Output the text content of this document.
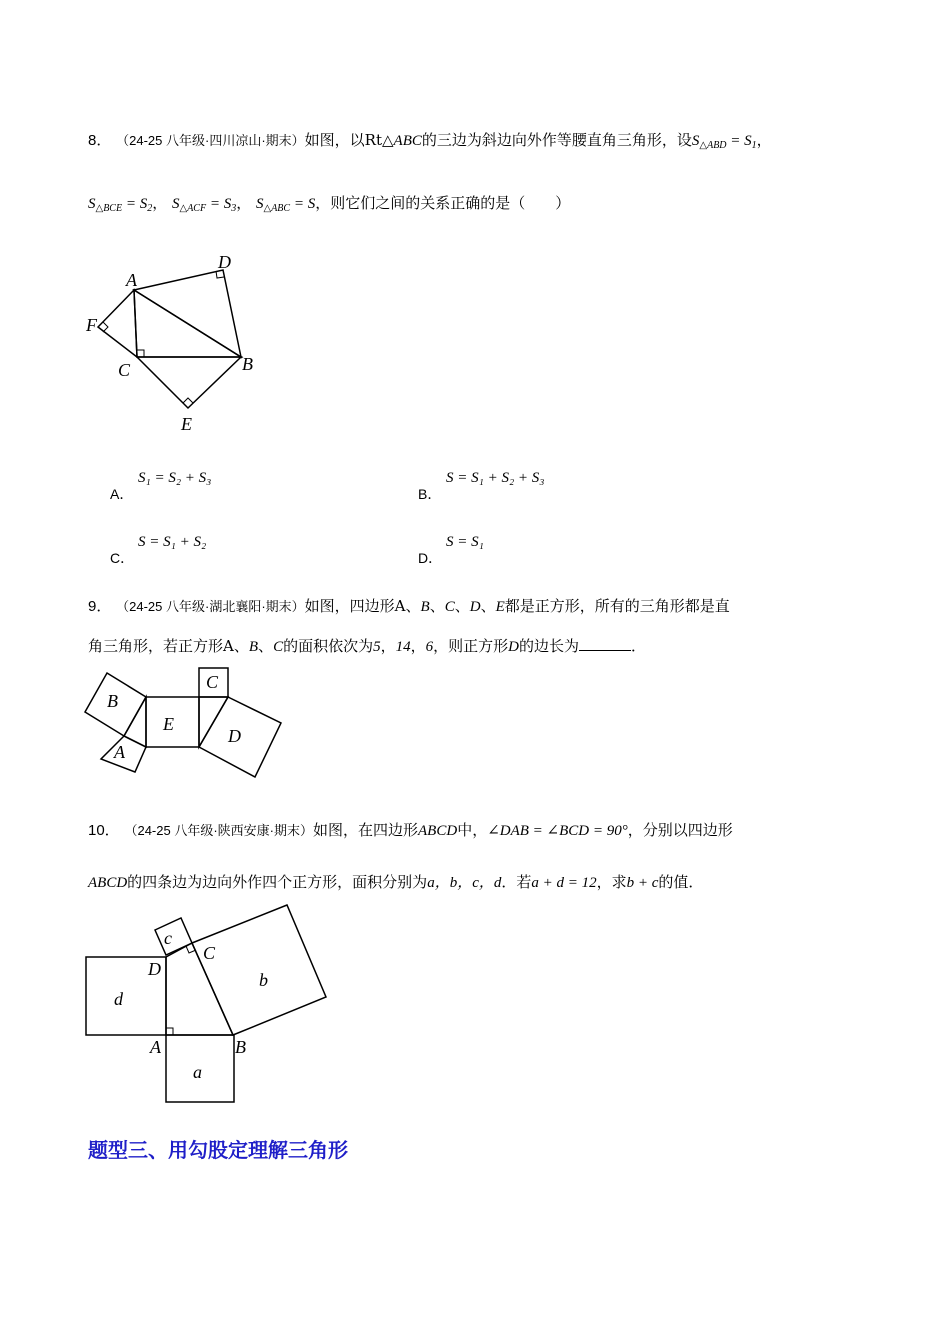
8． （24-25 八年级·四川凉山·期末）如图，以Rt△ABC的三边为斜边向外作等腰直角三角形，设$S_{\triangle ABD} = S_1$，
$S_{\triangle BCE} = S_2$， $S_{\triangle ACF} = S_3$， $S_{\triangle ABC} = S$，则它们之间的关系正确的是（　　）
A
D
F
C	B
E
A．
S₁ = S₂ + S₃
B．
S = S₁ + S₂ + S₃
C．
S = S₁ + S₂
D．
S = S₁
9． （24-25 八年级·湖北襄阳·期末）如图，四边形A、B、C、D、E都是正方形，所有的三角形都是直
角三角形，若正方形A、B、C的面积依次为5，14，6，则正方形D的边长为	．
B
C
E
D
A
10． （24-25 八年级·陕西安康·期末）如图，在四边形ABCD中，∠DAB = ∠BCD = 90°，分别以四边形
ABCD的四条边为边向外作四个正方形，面积分别为a，b，c，d．若a + d = 12，求b + c的值．
c
D
C
b
d
A	B
a
题型三、用勾股定理解三角形
